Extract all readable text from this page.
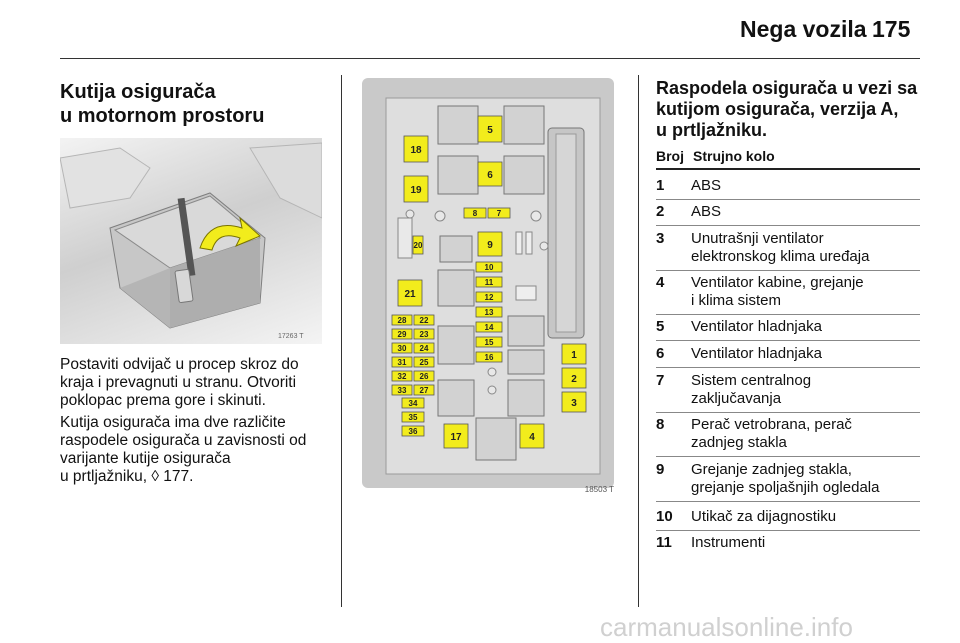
Nega vozila 175
Kutija osigurača
u motornom prostoru
17263 T
Postaviti odvijač u procep skroz do
kraja i prevagnuti u stranu. Otvoriti
poklopac prema gore i skinuti.
Kutija osigurača ima dve različite
raspodele osigurača u zavisnosti od
varijante kutije osigurača
u prtljažniku, ◊ 177.
1
2
3
4
5
6
7
8
9
10
11
12
13
14
15
16
17
18
19
20
21
22
23
24
25
26
27
28
29
30
31
32
33
34
35
36
18503 T
Raspodela osigurača u vezi sa
kutijom osigurača, verzija A,
u prtljažniku.
Broj Strujno kolo
1 ABS
2 ABS
3 Unutrašnji ventilator
elektronskog klima uređaja
4 Ventilator kabine, grejanje
i klima sistem
5 Ventilator hladnjaka
6 Ventilator hladnjaka
7 Sistem centralnog
zaključavanja
8 Perač vetrobrana, perač
zadnjeg stakla
9 Grejanje zadnjeg stakla,
grejanje spoljašnjih ogledala
10 Utikač za dijagnostiku
11 Instrumenti
carmanualsonline.info
